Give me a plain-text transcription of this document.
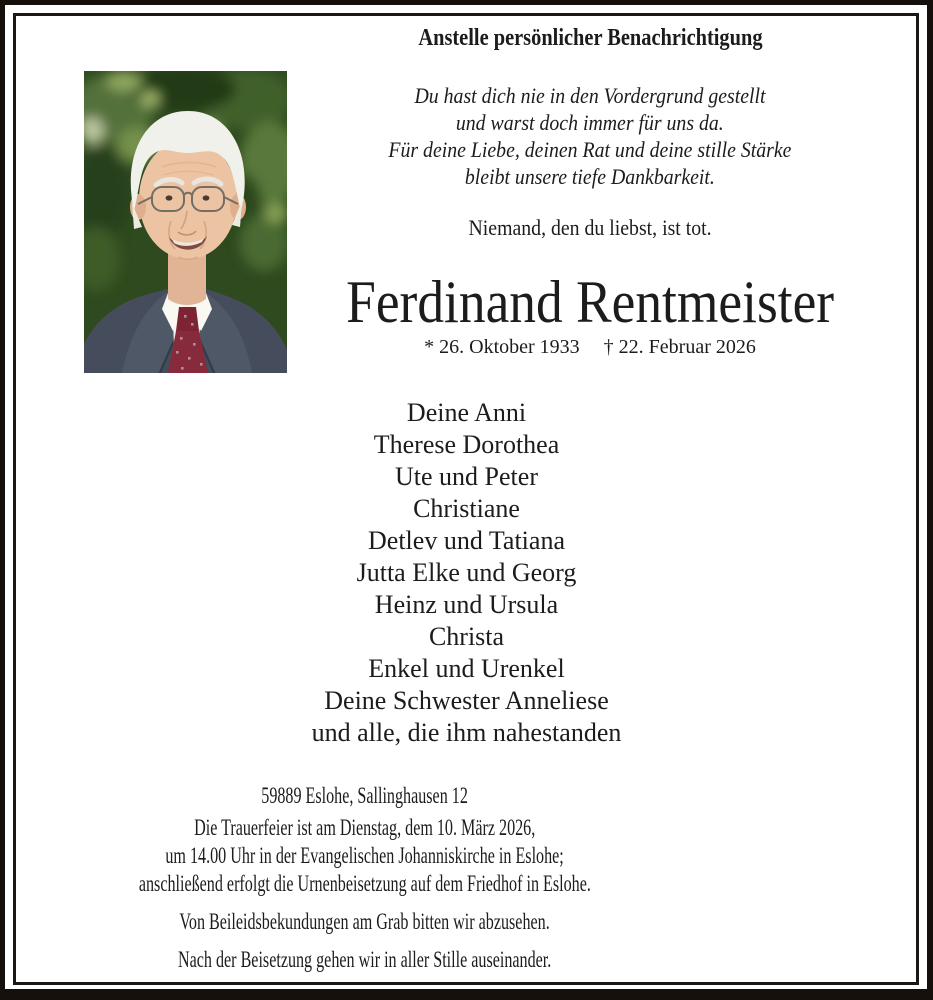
Anstelle persönlicher Benachrichtigung
Du hast dich nie in den Vordergrund gestellt
und warst doch immer für uns da.
Für deine Liebe, deinen Rat und deine stille Stärke
bleibt unsere tiefe Dankbarkeit.
Niemand, den du liebst, ist tot.
Ferdinand Rentmeister
* 26. Oktober 1933 † 22. Februar 2026
Deine Anni
Therese Dorothea
Ute und Peter
Christiane
Detlev und Tatiana
Jutta Elke und Georg
Heinz und Ursula
Christa
Enkel und Urenkel
Deine Schwester Anneliese
und alle, die ihm nahestanden
59889 Eslohe, Sallinghausen 12
Die Trauerfeier ist am Dienstag, dem 10. März 2026,
um 14.00 Uhr in der Evangelischen Johanniskirche in Eslohe;
anschließend erfolgt die Urnenbeisetzung auf dem Friedhof in Eslohe.
Von Beileidsbekundungen am Grab bitten wir abzusehen.
Nach der Beisetzung gehen wir in aller Stille auseinander.
